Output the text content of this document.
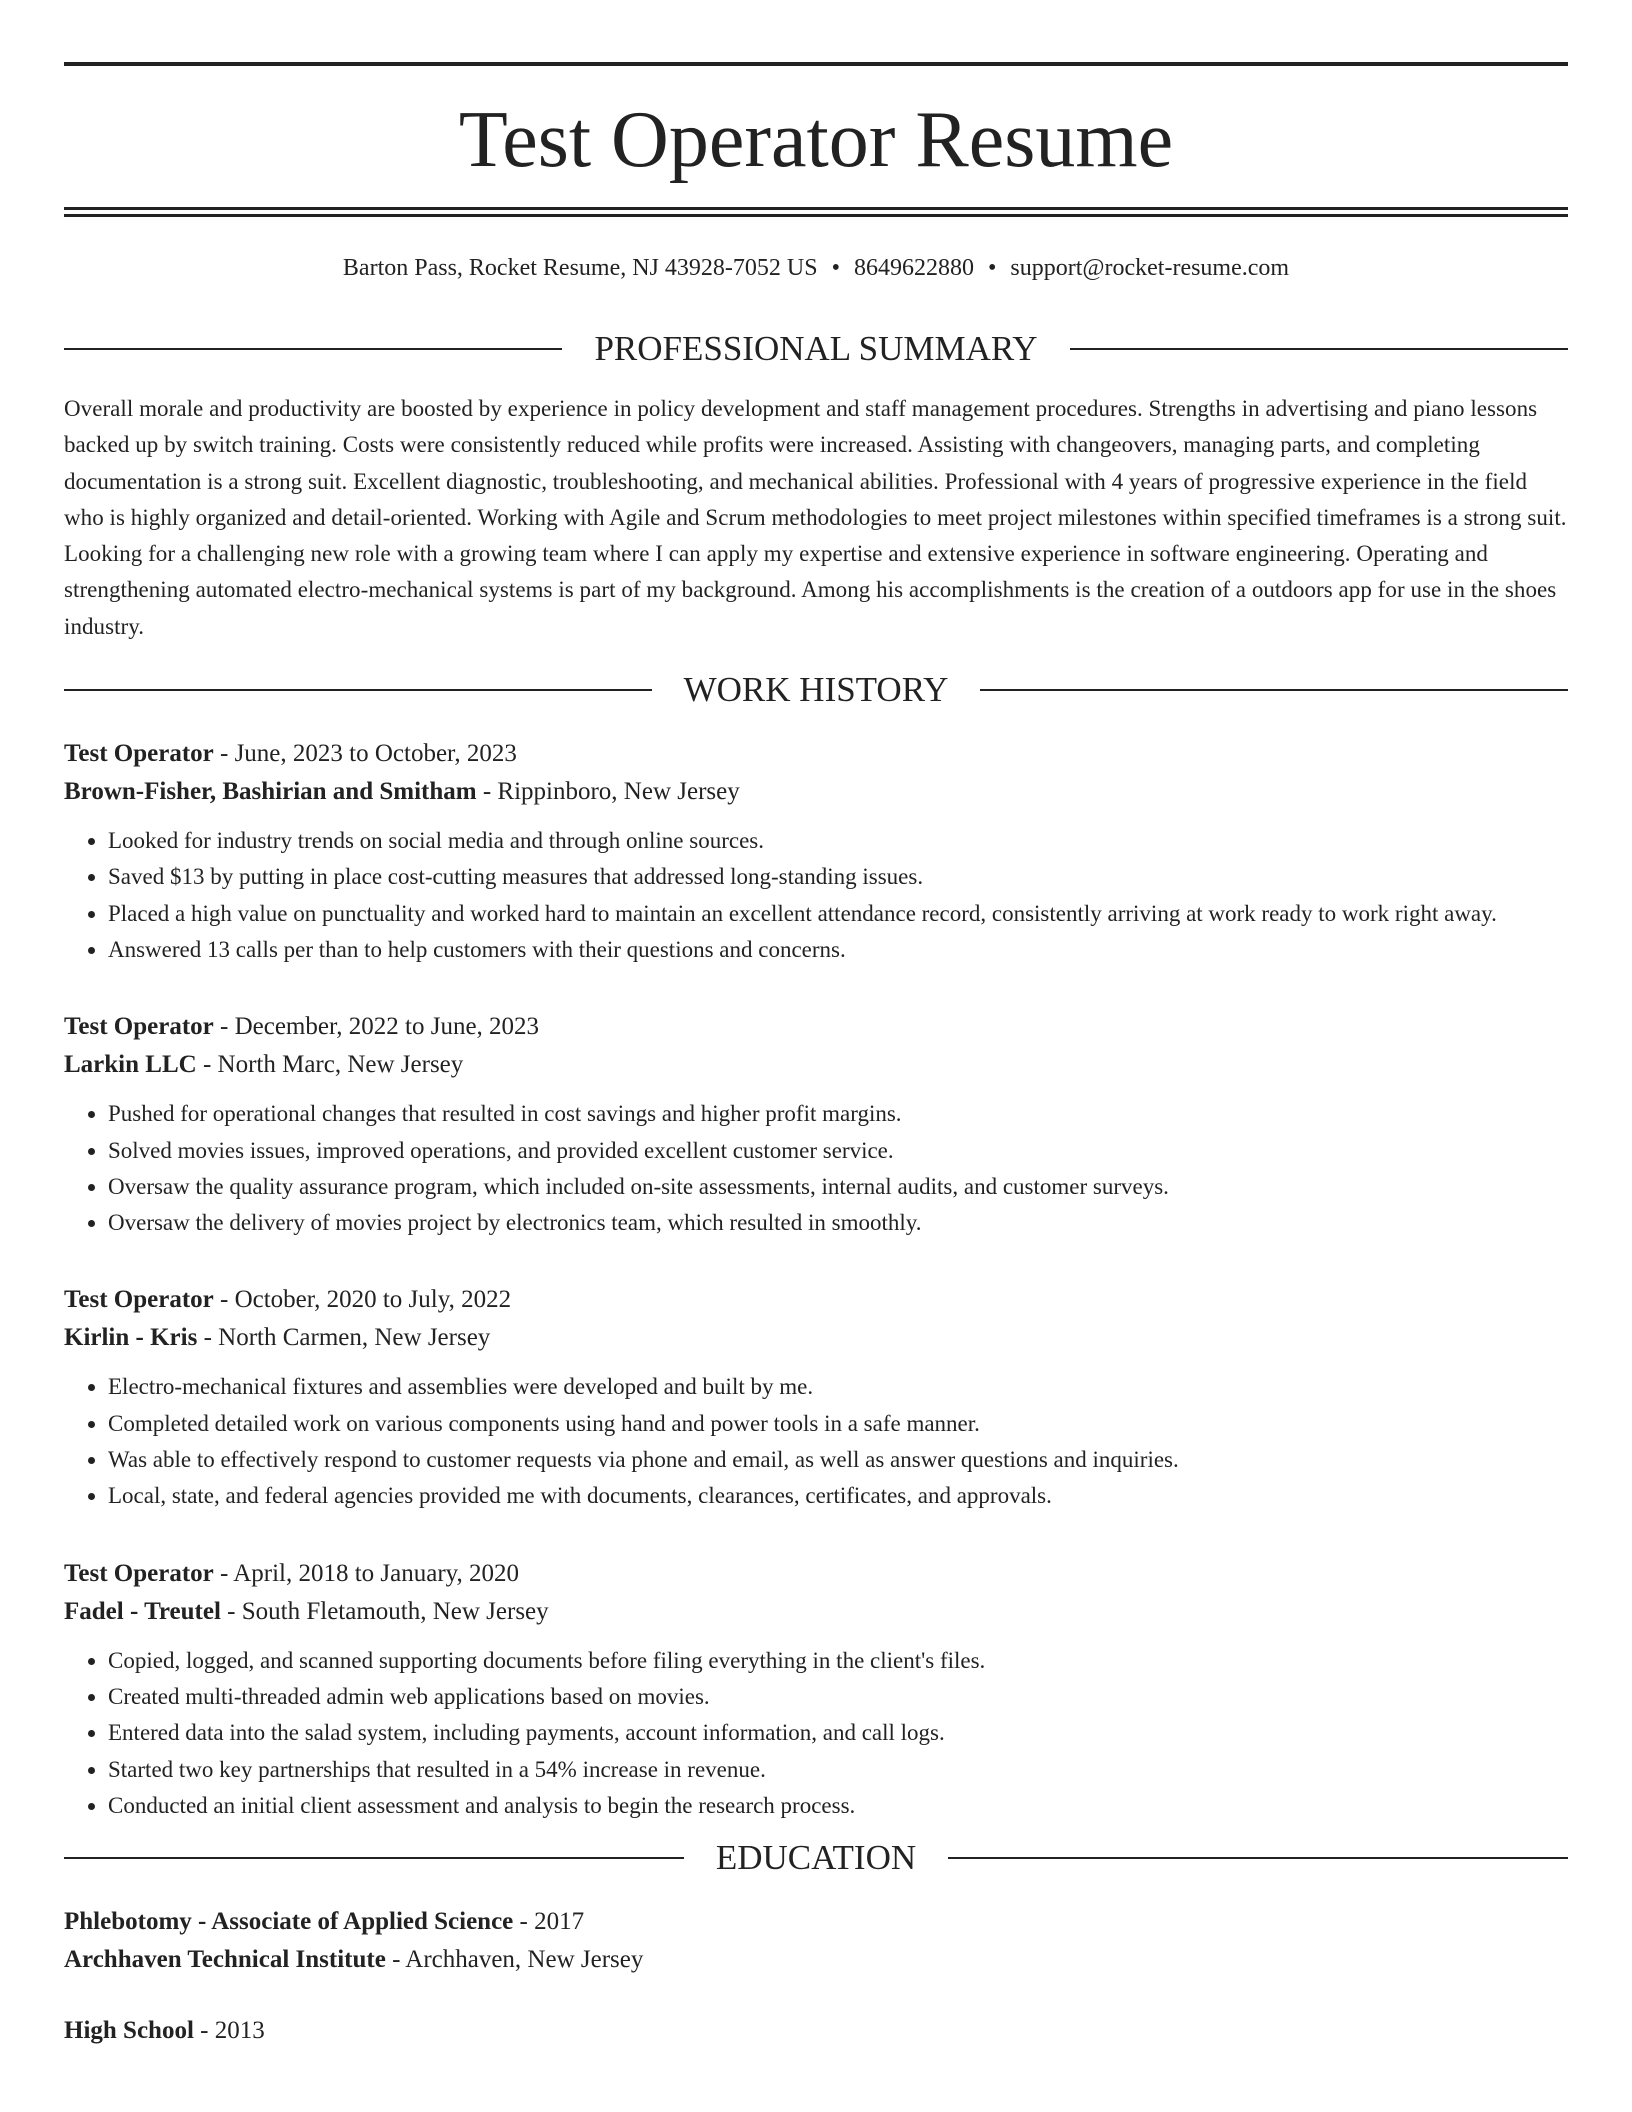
Test Operator Resume
Barton Pass, Rocket Resume, NJ 43928-7052 US • 8649622880 • support@rocket-resume.com
PROFESSIONAL SUMMARY

Overall morale and productivity are boosted by experience in policy development and staff management procedures. Strengths in advertising and piano lessons backed up by switch training. Costs were consistently reduced while profits were increased. Assisting with changeovers, managing parts, and completing documentation is a strong suit. Excellent diagnostic, troubleshooting, and mechanical abilities. Professional with 4 years of progressive experience in the field who is highly organized and detail-oriented. Working with Agile and Scrum methodologies to meet project milestones within specified timeframes is a strong suit. Looking for a challenging new role with a growing team where I can apply my expertise and extensive experience in software engineering. Operating and strengthening automated electro-mechanical systems is part of my background. Among his accomplishments is the creation of a outdoors app for use in the shoes industry.

WORK HISTORY
Test Operator - June, 2023 to October, 2023
Brown-Fisher, Bashirian and Smitham - Rippinboro, New Jersey
• Looked for industry trends on social media and through online sources.
• Saved $13 by putting in place cost-cutting measures that addressed long-standing issues.
• Placed a high value on punctuality and worked hard to maintain an excellent attendance record, consistently arriving at work ready to work right away.
• Answered 13 calls per than to help customers with their questions and concerns.
Test Operator - December, 2022 to June, 2023
Larkin LLC - North Marc, New Jersey
• Pushed for operational changes that resulted in cost savings and higher profit margins.
• Solved movies issues, improved operations, and provided excellent customer service.
• Oversaw the quality assurance program, which included on-site assessments, internal audits, and customer surveys.
• Oversaw the delivery of movies project by electronics team, which resulted in smoothly.
Test Operator - October, 2020 to July, 2022
Kirlin - Kris - North Carmen, New Jersey
• Electro-mechanical fixtures and assemblies were developed and built by me.
• Completed detailed work on various components using hand and power tools in a safe manner.
• Was able to effectively respond to customer requests via phone and email, as well as answer questions and inquiries.
• Local, state, and federal agencies provided me with documents, clearances, certificates, and approvals.
Test Operator - April, 2018 to January, 2020
Fadel - Treutel - South Fletamouth, New Jersey
• Copied, logged, and scanned supporting documents before filing everything in the client's files.
• Created multi-threaded admin web applications based on movies.
• Entered data into the salad system, including payments, account information, and call logs.
• Started two key partnerships that resulted in a 54% increase in revenue.
• Conducted an initial client assessment and analysis to begin the research process.
EDUCATION
Phlebotomy - Associate of Applied Science - 2017
Archhaven Technical Institute - Archhaven, New Jersey
High School - 2013
